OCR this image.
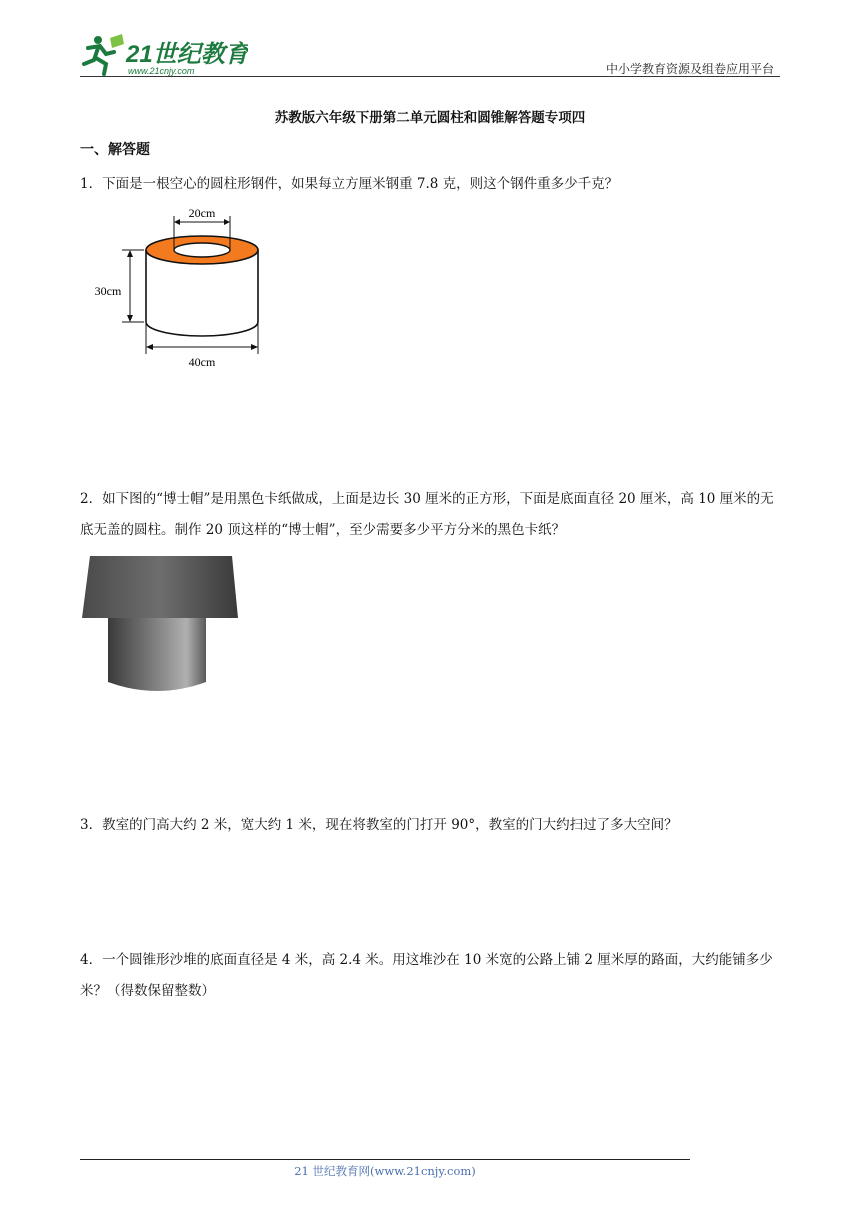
21世纪教育
www.21cnjy.com	中小学教育资源及组卷应用平台
苏教版六年级下册第二单元圆柱和圆锥解答题专项四
一、解答题
1．下面是一根空心的圆柱形钢件，如果每立方厘米钢重 7.8 克，则这个钢件重多少千克？
2．如下图的“博士帽”是用黑色卡纸做成，上面是边长 30 厘米的正方形，下面是底面直径 20 厘米，高 10 厘米的无底无盖的圆柱。制作 20 顶这样的“博士帽”，至少需要多少平方分米的黑色卡纸？
3．教室的门高大约 2 米，宽大约 1 米，现在将教室的门打开 90°，教室的门大约扫过了多大空间？
4．一个圆锥形沙堆的底面直径是 4 米，高 2.4 米。用这堆沙在 10 米宽的公路上铺 2 厘米厚的路面，大约能铺多少米？（得数保留整数）
20cm
30cm
40cm
21 世纪教育网(www.21cnjy.com)
